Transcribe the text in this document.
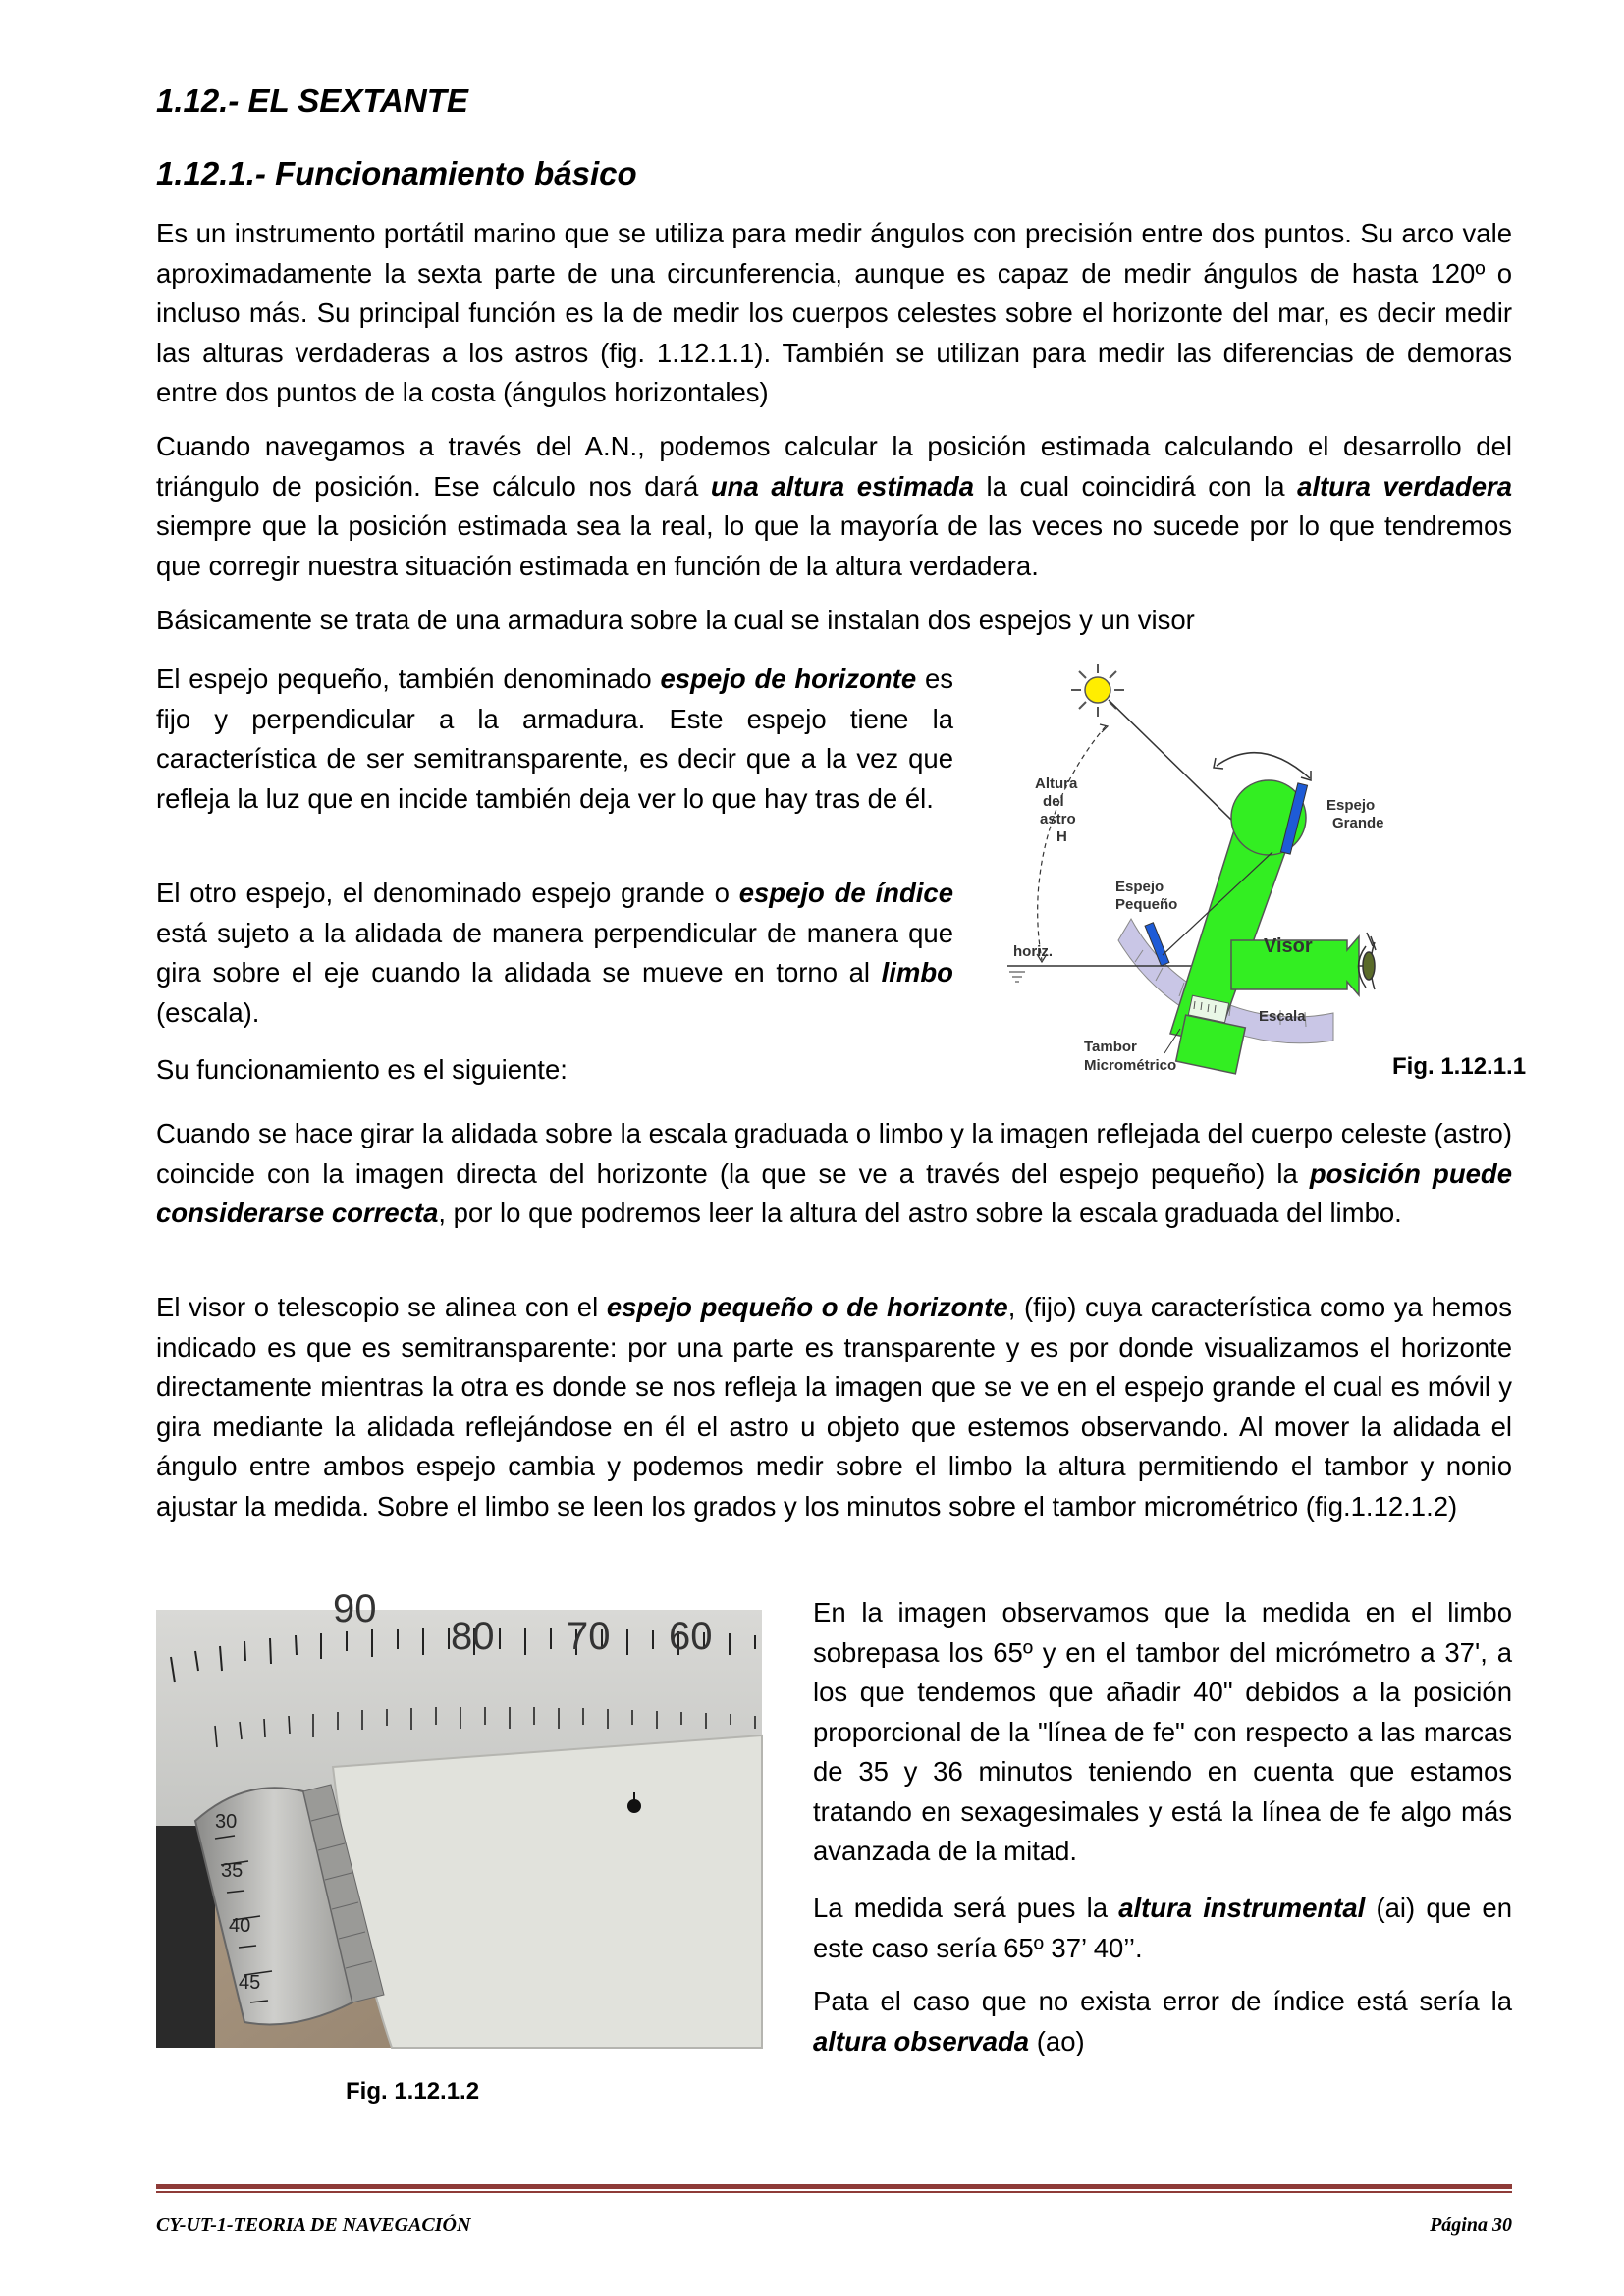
1.12.- EL SEXTANTE
1.12.1.- Funcionamiento básico
Es un instrumento portátil marino que se utiliza para medir ángulos con precisión entre dos puntos. Su arco vale aproximadamente la sexta parte de una circunferencia, aunque es capaz de medir ángulos de hasta 120º o incluso más. Su principal función es la de medir los cuerpos celestes sobre el horizonte del mar, es decir medir las alturas verdaderas a los astros (fig. 1.12.1.1). También se utilizan para medir las diferencias de demoras entre dos puntos de la costa (ángulos horizontales)
Cuando navegamos a través del A.N., podemos calcular la posición estimada calculando el desarrollo del triángulo de posición. Ese cálculo nos dará una altura estimada la cual coincidirá con la altura verdadera siempre que la posición estimada sea la real, lo que la mayoría de las veces no sucede por lo que tendremos que corregir nuestra situación estimada en función de la altura verdadera.
Básicamente se trata de una armadura sobre la cual se instalan dos espejos y un visor
El espejo pequeño, también denominado espejo de horizonte es fijo y perpendicular a la armadura. Este espejo tiene la característica de ser semitransparente, es decir que a la vez que refleja la luz que en incide también deja ver lo que hay tras de él.
El otro espejo, el denominado espejo grande o espejo de índice está sujeto a la alidada de manera perpendicular de manera que gira sobre el eje cuando la alidada se mueve en torno al limbo (escala).
Su funcionamiento es el siguiente:
Altura
del
astro
H
Espejo
Grande
Espejo
Pequeño
horiz.
Escala
Tambor
Micrométrico
Visor
Fig. 1.12.1.1
Cuando se hace girar la alidada sobre la escala graduada o limbo y la imagen reflejada del cuerpo celeste (astro) coincide con la imagen directa del horizonte (la que se ve a través del espejo pequeño) la posición puede considerarse correcta, por lo que podremos leer la altura del astro sobre la escala graduada del limbo.
El visor o telescopio se alinea con el espejo pequeño o de horizonte, (fijo) cuya característica como ya hemos indicado es que es semitransparente: por una parte es transparente y es por donde visualizamos el horizonte directamente mientras la otra es donde se nos refleja la imagen que se ve en el espejo grande el cual es móvil y gira mediante la alidada reflejándose en él el astro u objeto que estemos observando. Al mover la alidada el ángulo entre ambos espejo cambia y podemos medir sobre el limbo la altura permitiendo el tambor y nonio ajustar la medida. Sobre el limbo se leen los grados y los minutos sobre el tambor micrométrico (fig.1.12.1.2)
90
80 70 60
30
35
40
45
Fig. 1.12.1.2
En la imagen observamos que la medida en el limbo sobrepasa los 65º y en el tambor del micrómetro a 37', a los que tendemos que añadir 40" debidos a la posición proporcional de la "línea de fe" con respecto a las marcas de 35 y 36 minutos teniendo en cuenta que estamos tratando en sexagesimales y está la línea de fe algo más avanzada de la mitad.
La medida será pues la altura instrumental (ai) que en este caso sería 65º 37’ 40’’.
Pata el caso que no exista error de índice está sería la altura observada (ao)
CY-UT-1-TEORIA DE NAVEGACIÓN	Página 30
